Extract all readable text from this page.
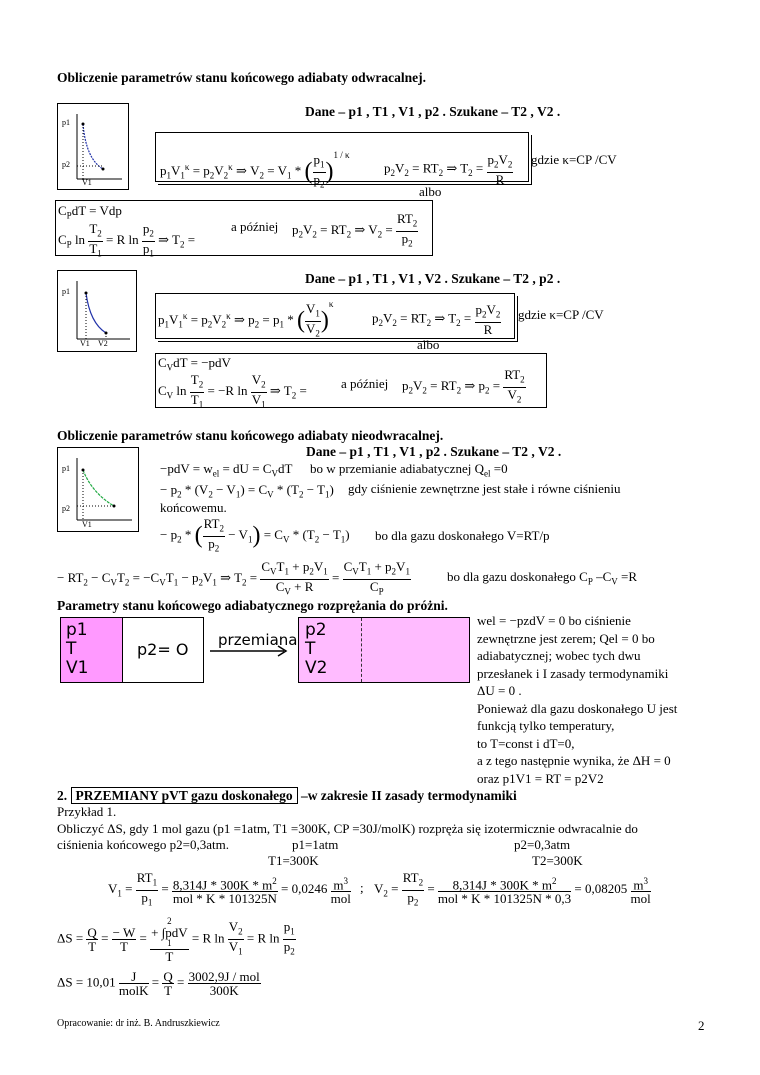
Obliczenie parametrów stanu końcowego adiabaty odwracalnej.
p1
p2
V1
Dane – p1 , T1 , V1 , p2 . Szukane – T2 , V2 .
$p_1V_1^\kappa = p_2V_2^\kappa$ ⇒ $V_2 = V_1$ * ( $\frac{p_1}{p_2} )^{1 / \kappa}$
$p_2V_2 = RT_2$ ⇒ $T_2 = \frac{p_2V_2}{R}$ gdzie κ=CP /CV
albo
$C_PdT$ = Vdp
$C_P$ $\ln \frac{T_2}{T_1} = R$ $\ln \frac{p_2}{p_1}$ ⇒ $T_2$ =
a później $p_2V_2 = RT_2$ ⇒ $V_2 = \frac{RT_2}{p_2}$
p1
V1 V2
Dane – p1 , T1 , V1 , V2 . Szukane – T2 , p2 .
$p_1V_1^\kappa = p_2V_2^\kappa$ ⇒ $p_2 = p_1$ * ( $\frac{V_1}{V_2} )^\kappa$
$p_2V_2 = RT_2$ ⇒ $T_2 = \frac{p_2V_2}{R}$ gdzie κ=CP /CV
albo
$C_VdT = -pdV$
$C_V$ $\ln \frac{T_2}{T_1} = -R$ $\ln \frac{V_2}{V_1}$ ⇒ $T_2$ =	a później $p_2V_2 = RT_2$ ⇒ $p_2 = \frac{RT_2}{V_2}$
Obliczenie parametrów stanu końcowego adiabaty nieodwracalnej.
Dane – p1 , T1 , V1 , p2 . Szukane – T2 , V2 .
p1
p2
V1
$-pdV = w_{el}$ = dU = $C_VdT$ bo w przemianie adiabatycznej $Q_{el} =0$
− $p_2 * (V_2 - V_1) = C_V * (T_2 - T_1)$ gdy ciśnienie zewnętrzne jest stałe i równe ciśnieniu
końcowemu.
− $p_2$ * ( $\frac{RT_2}{p_2} - V_1) = C_V * (T_2 - T_1)$ bo dla gazu doskonałego V=RT/p
− $RT_2 - C_VT_2 = -C_VT_1 - p_2V_1$ ⇒ $T_2$ =
$C_VT_1 + p_2V_1$
$C_V + R$
=
$C_VT_1 + p_2V_1$
$C_P$
bo dla gazu doskonałego $C_P$ $-C_V =R$
Parametry stanu końcowego adiabatycznego rozprężania do próżni.
p1
T
V1
p2= O	przemiana p2
T
V2
wel = −pzdV = 0 bo ciśnienie
zewnętrzne jest zerem; Qel = 0 bo
adiabatycznej; wobec tych dwu
przesłanek i I zasady termodynamiki
ΔU = 0 .
Ponieważ dla gazu doskonałego U jest
funkcją tylko temperatury,
to T=const i dT=0,
a z tego następnie wynika, że ΔH = 0
oraz p1V1 = RT = p2V2
2. PRZEMIANY pVT gazu doskonałego –w zakresie II zasady termodynamiki
Przykład 1.
Obliczyć ΔS, gdy 1 mol gazu (p1 =1atm, T1 =300K, CP =30J/molK) rozpręża się izotermicznie odwracalnie do
ciśnienia końcowego p2=0,3atm.	p1=1atm
T1=300K
p2=0,3atm
T2=300K
$V_1 = \frac{RT_1}{p_1} = 8,314J * 300K * m^2$
mol * K * 101325N
= 0,0246 $m^3$
mol
; $V_2 = \frac{RT_2}{p_2}$ =	$8,314J * 300K * m^2$
mol * K * 101325N * 0,3
= 0,08205 $m^3$
mol
$\Delta S = \frac{Q}{T} = \frac{- W}{T}$ =
2
+ ∫pdV
1
T
= R $\ln \frac{V_2}{V_1} = R$ $\ln \frac{p_1}{p_2}$
ΔS = 10,01 J
molK
= $\frac{Q}{T} = 3002,9J$ / mol
300K
Opracowanie: dr inż. B. Andruszkiewicz	2
